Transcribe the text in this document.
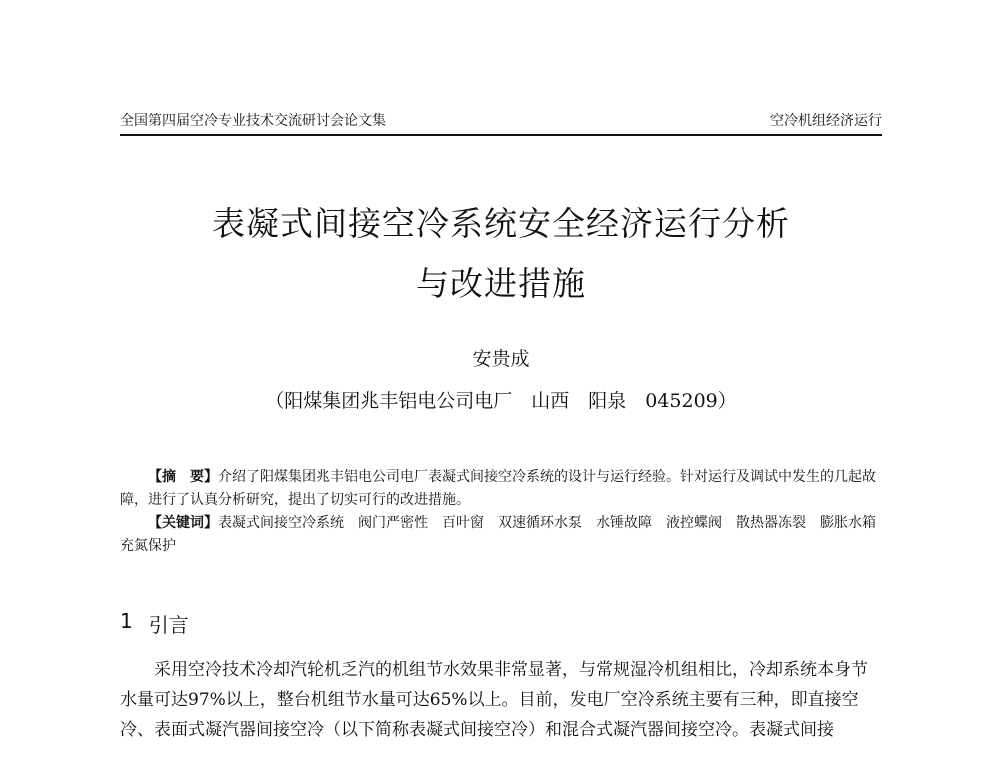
全国第四届空冷专业技术交流研讨会论文集	空冷机组经济运行
表凝式间接空冷系统安全经济运行分析
与改进措施
安贵成
（阳煤集团兆丰铝电公司电厂　山西　阳泉　045209）

【摘　要】介绍了阳煤集团兆丰铝电公司电厂表凝式间接空冷系统的设计与运行经验。针对运行及调试中发生的几起故障，进行了认真分析研究，提出了切实可行的改进措施。

【关键词】表凝式间接空冷系统　阀门严密性　百叶窗　双速循环水泵　水锤故障　液控蝶阀　散热器冻裂　膨胀水箱　充氮保护

1 引言

采用空冷技术冷却汽轮机乏汽的机组节水效果非常显著，与常规湿冷机组相比，冷却系统本身节水量可达97%以上，整台机组节水量可达65%以上。目前，发电厂空冷系统主要有三种，即直接空冷、表面式凝汽器间接空冷（以下简称表凝式间接空冷）和混合式凝汽器间接空冷。表凝式间接
